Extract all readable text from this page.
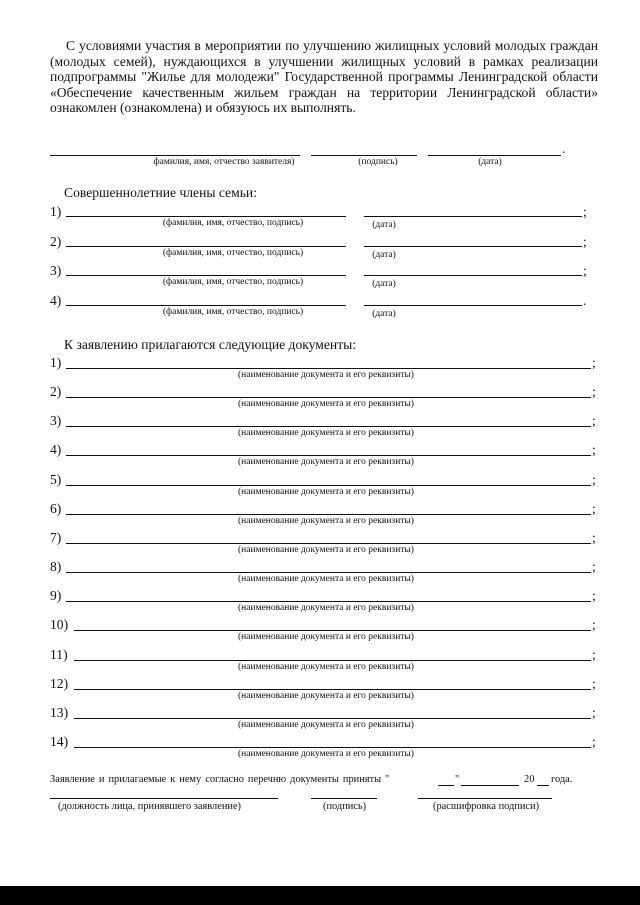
С условиями участия в мероприятии по улучшению жилищных условий молодых граждан (молодых семей), нуждающихся в улучшении жилищных условий в рамках реализации подпрограммы "Жилье для молодежи" Государственной программы Ленинградской области «Обеспечение качественным жильем граждан на территории Ленинградской области» ознакомлен (ознакомлена) и обязуюсь их выполнять.

.
фамилия, имя, отчество заявителя)	(подпись)	(дата)
Совершеннолетние члены семьи:
1)	;
(фамилия, имя, отчество, подпись)	(дата)
2)	;
(фамилия, имя, отчество, подпись)	(дата)
3)	;
(фамилия, имя, отчество, подпись)	(дата)
4)	.
(фамилия, имя, отчество, подпись)	(дата)
К заявлению прилагаются следующие документы:
1)	;
(наименование документа и его реквизиты)
2)	;
(наименование документа и его реквизиты)
3)	;
(наименование документа и его реквизиты)
4)	;
(наименование документа и его реквизиты)
5)	;
(наименование документа и его реквизиты)
6)	;
(наименование документа и его реквизиты)
7)	;
(наименование документа и его реквизиты)
8)	;
(наименование документа и его реквизиты)
9)	;
(наименование документа и его реквизиты)
10)	;
(наименование документа и его реквизиты)
11)	;
(наименование документа и его реквизиты)
12)	;
(наименование документа и его реквизиты)
13)	;
(наименование документа и его реквизиты)
14)	;
(наименование документа и его реквизиты)
Заявление и прилагаемые к нему согласно перечню документы приняты "	"	20 года.
(должность лица, принявшего заявление)	(подпись)	(расшифровка подписи)
